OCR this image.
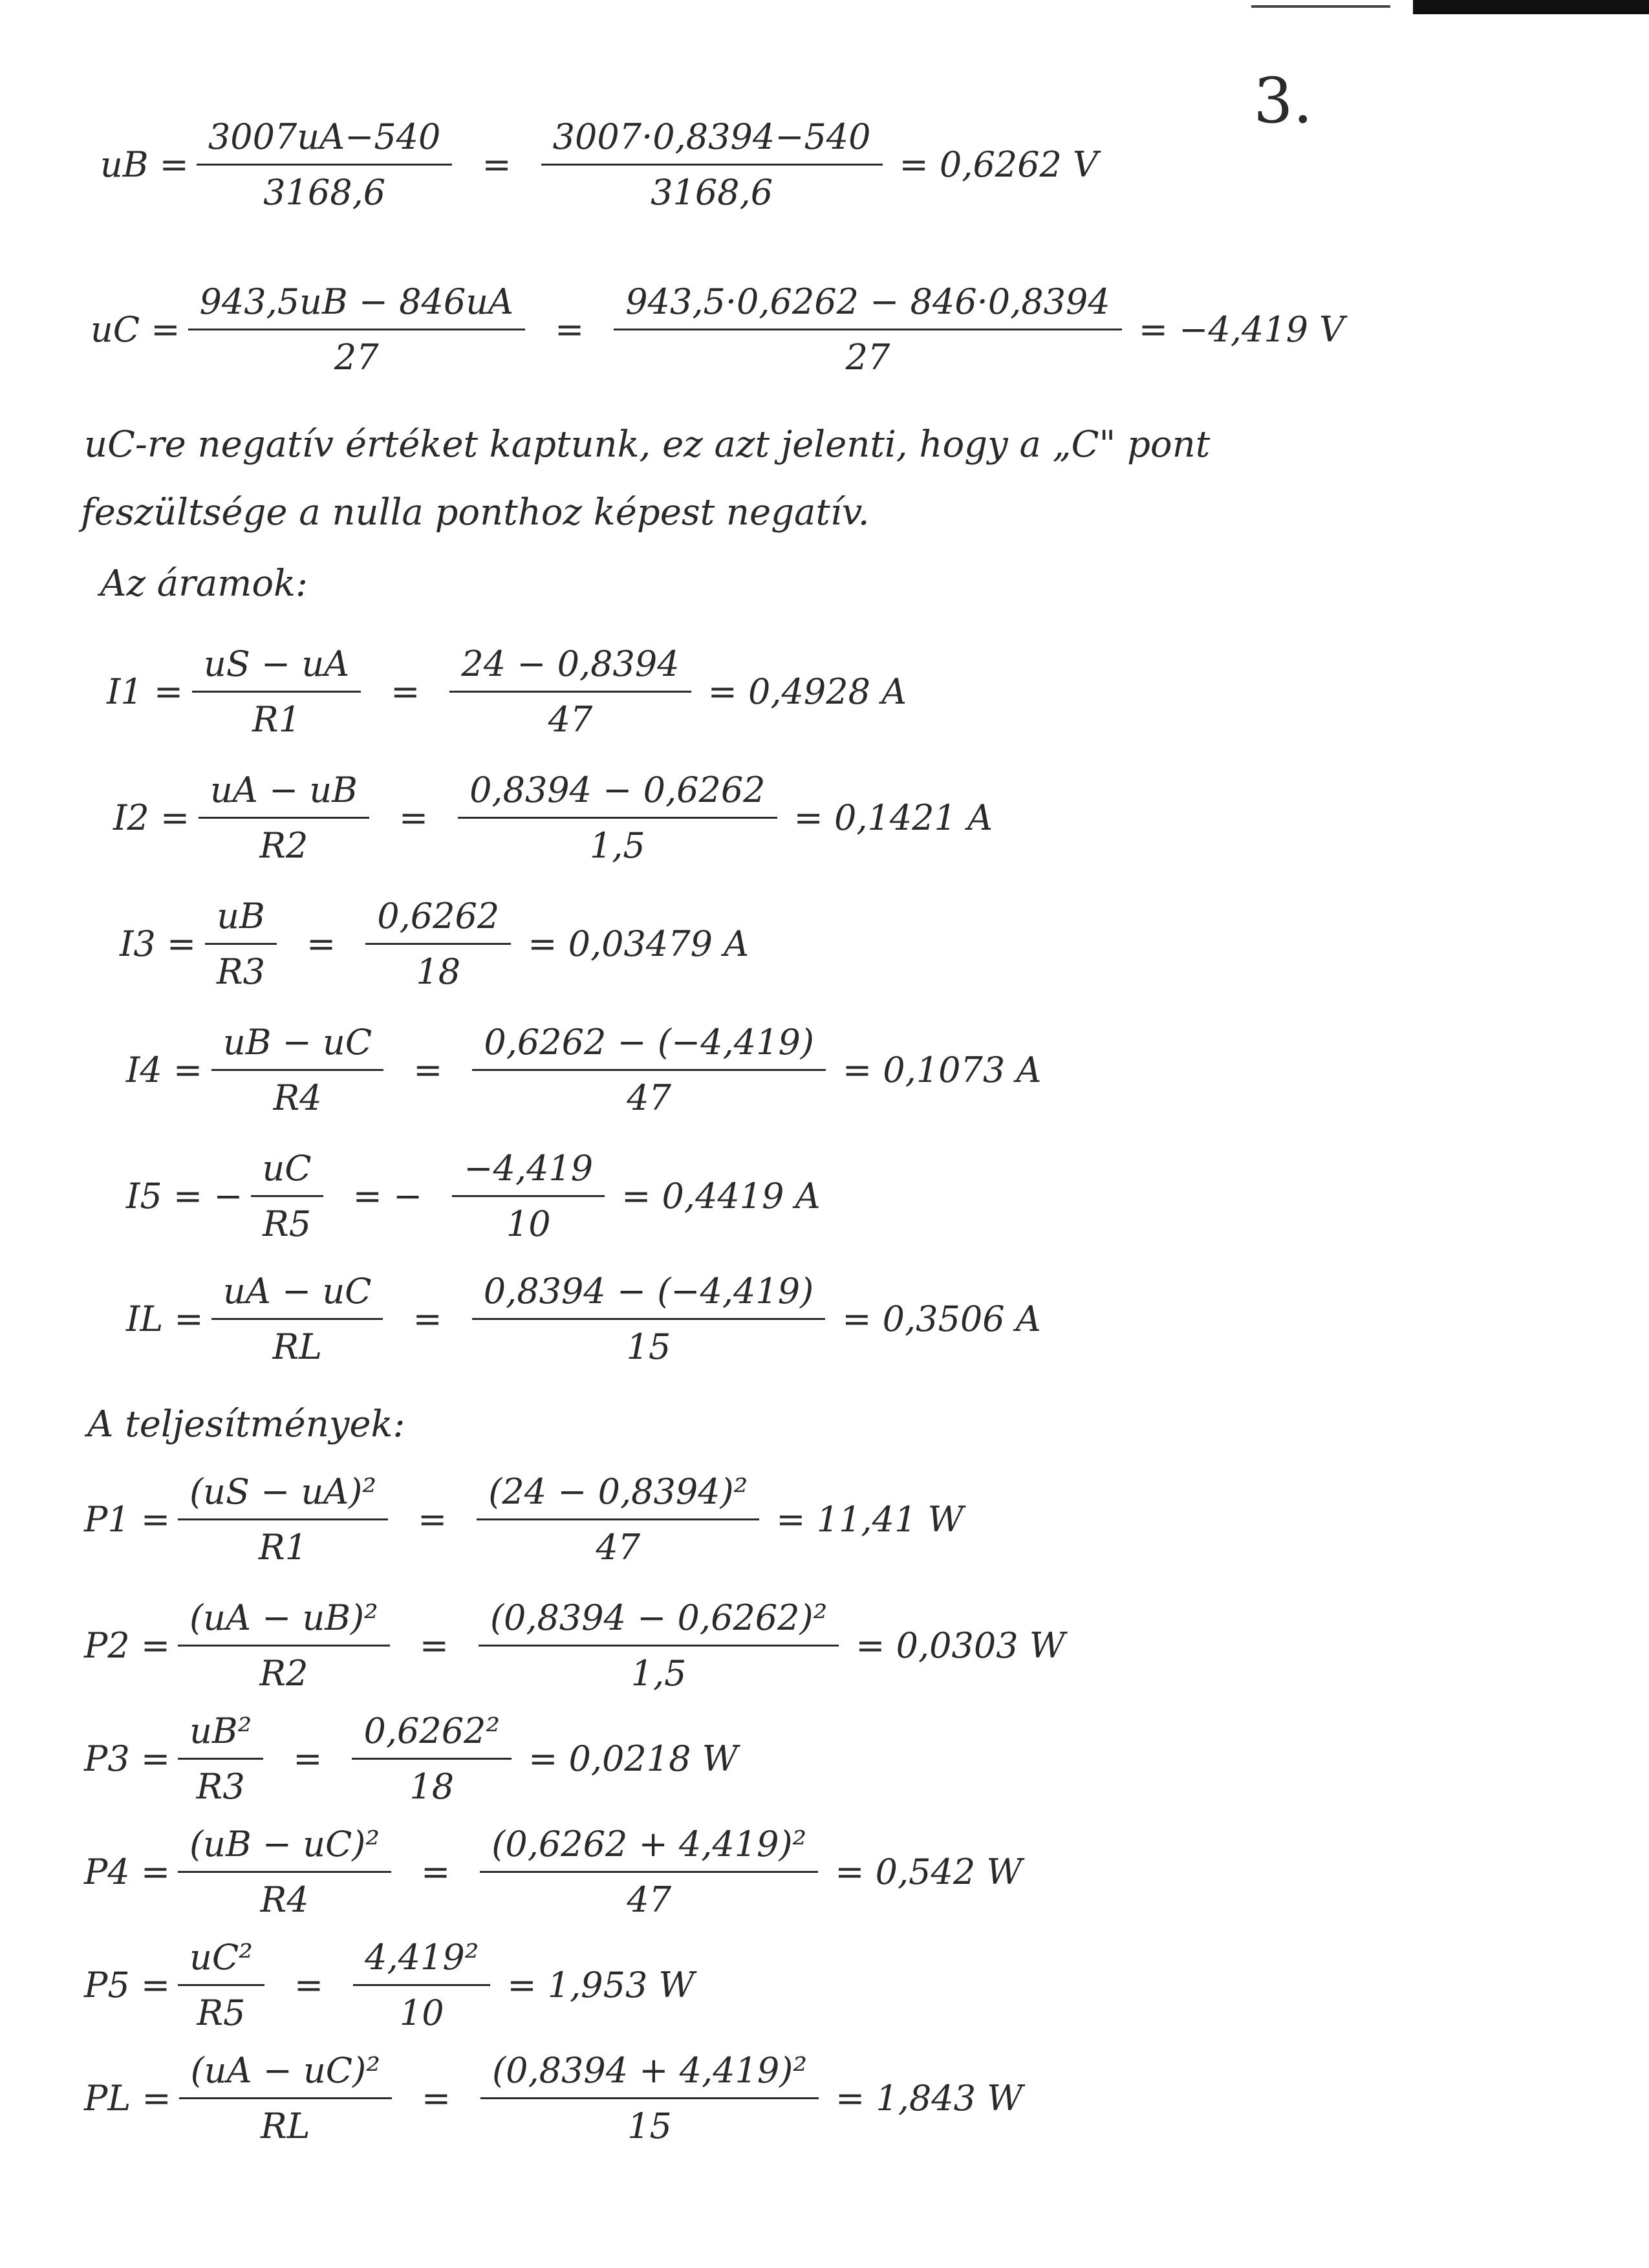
3.
uB = $\frac{3007uA-540}{3168,6} = \frac{3007\cdot 0,8394-540}{3168,6} = 0,6262$ V
uC = $\frac{943,5uB - 846uA}{27} = \frac{943,5\cdot 0,6262 - 846\cdot 0,8394}{27} = -4,419$ V
uC-re negatív értéket kaptunk, ez azt jelenti, hogy a „C" pont
feszültsége a nulla ponthoz képest negatív.
Az áramok:
$I1 = \frac{uS - uA}{R1} = \frac{24 - 0,8394}{47} = 0,4928$ A
$I2 = \frac{uA - uB}{R2} = \frac{0,8394 - 0,6262}{1,5} = 0,1421$ A
$I3 = \frac{uB}{R3} = \frac{0,6262}{18} = 0,03479$ A
$I4 = \frac{uB - uC}{R4} = \frac{0,6262 - (-4,419)}{47} = 0,1073$ A
I5 = − $\frac{uC}{R5}$ = − $\frac{-4,419}{10} = 0,4419$ A
IL = $\frac{uA - uC}{RL} = \frac{0,8394 - (-4,419)}{15} = 0,3506$ A
A teljesítmények:
$P1 = \frac{\text{(uS − uA)²}}{R1} = \frac{\text{(24 − 0,8394)²}}{47} = 11,41$ W
$P2 = \frac{\text{(uA − uB)²}}{R2} = \frac{\text{(0,8394 − 0,6262)²}}{1,5} = 0,0303$ W
$P3 = \frac{\text{uB²}}{R3} = \frac{\text{0,6262²}}{18} = 0,0218$ W
$P4 = \frac{\text{(uB − uC)²}}{R4} = \frac{\text{(0,6262 + 4,419)²}}{47} = 0,542$ W
$P5 = \frac{\text{uC²}}{R5} = \frac{\text{4,419²}}{10} = 1,953$ W
PL = $\frac{\text{(uA − uC)²}}{RL} = \frac{\text{(0,8394 + 4,419)²}}{15} = 1,843$ W
